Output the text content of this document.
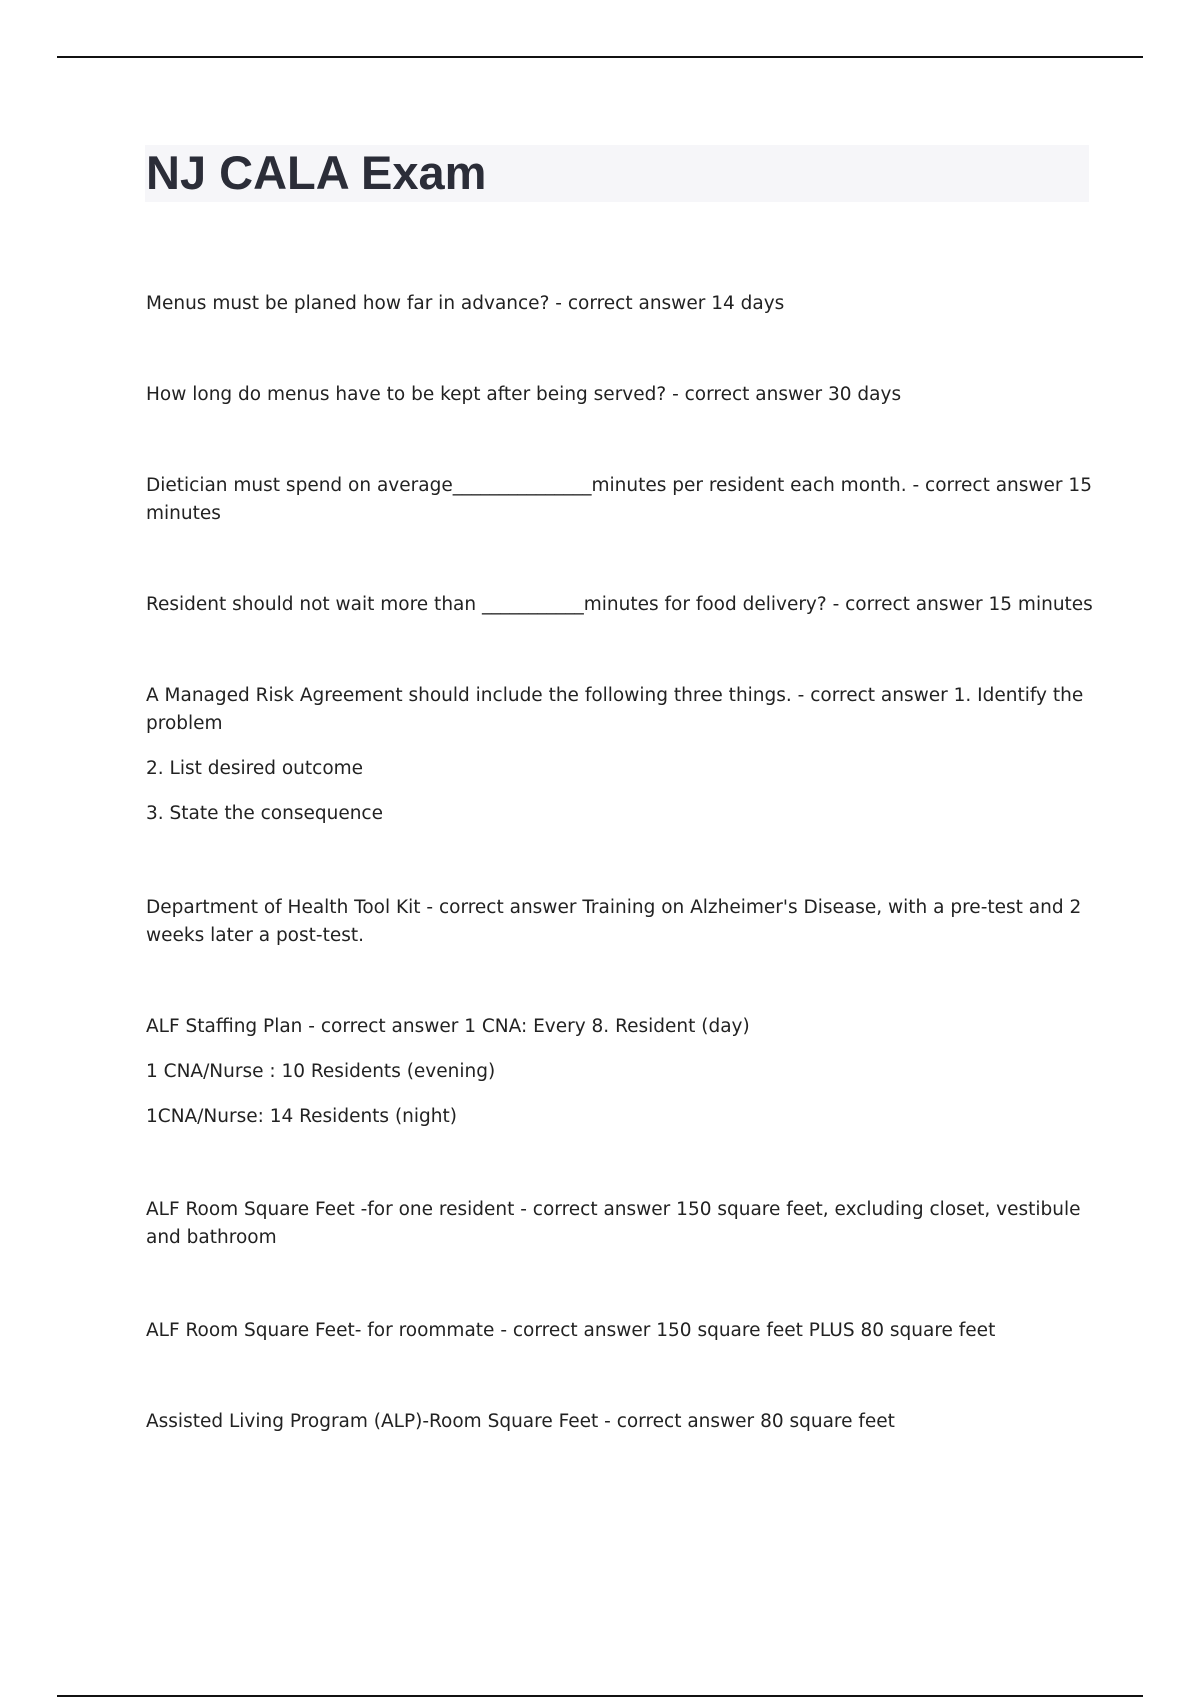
NJ CALA Exam

Menus must be planed how far in advance? - correct answer 14 days

How long do menus have to be kept after being served? - correct answer 30 days

Dietician must spend on average_______________minutes per resident each month. - correct answer 15 minutes

Resident should not wait more than ___________minutes for food delivery? - correct answer 15 minutes

A Managed Risk Agreement should include the following three things. - correct answer 1. Identify the problem

2. List desired outcome

3. State the consequence

Department of Health Tool Kit - correct answer Training on Alzheimer's Disease, with a pre-test and 2 weeks later a post-test.

ALF Staffing Plan - correct answer 1 CNA: Every 8. Resident (day)

1 CNA/Nurse : 10 Residents (evening)

1CNA/Nurse: 14 Residents (night)

ALF Room Square Feet -for one resident - correct answer 150 square feet, excluding closet, vestibule and bathroom

ALF Room Square Feet- for roommate - correct answer 150 square feet PLUS 80 square feet

Assisted Living Program (ALP)-Room Square Feet - correct answer 80 square feet
